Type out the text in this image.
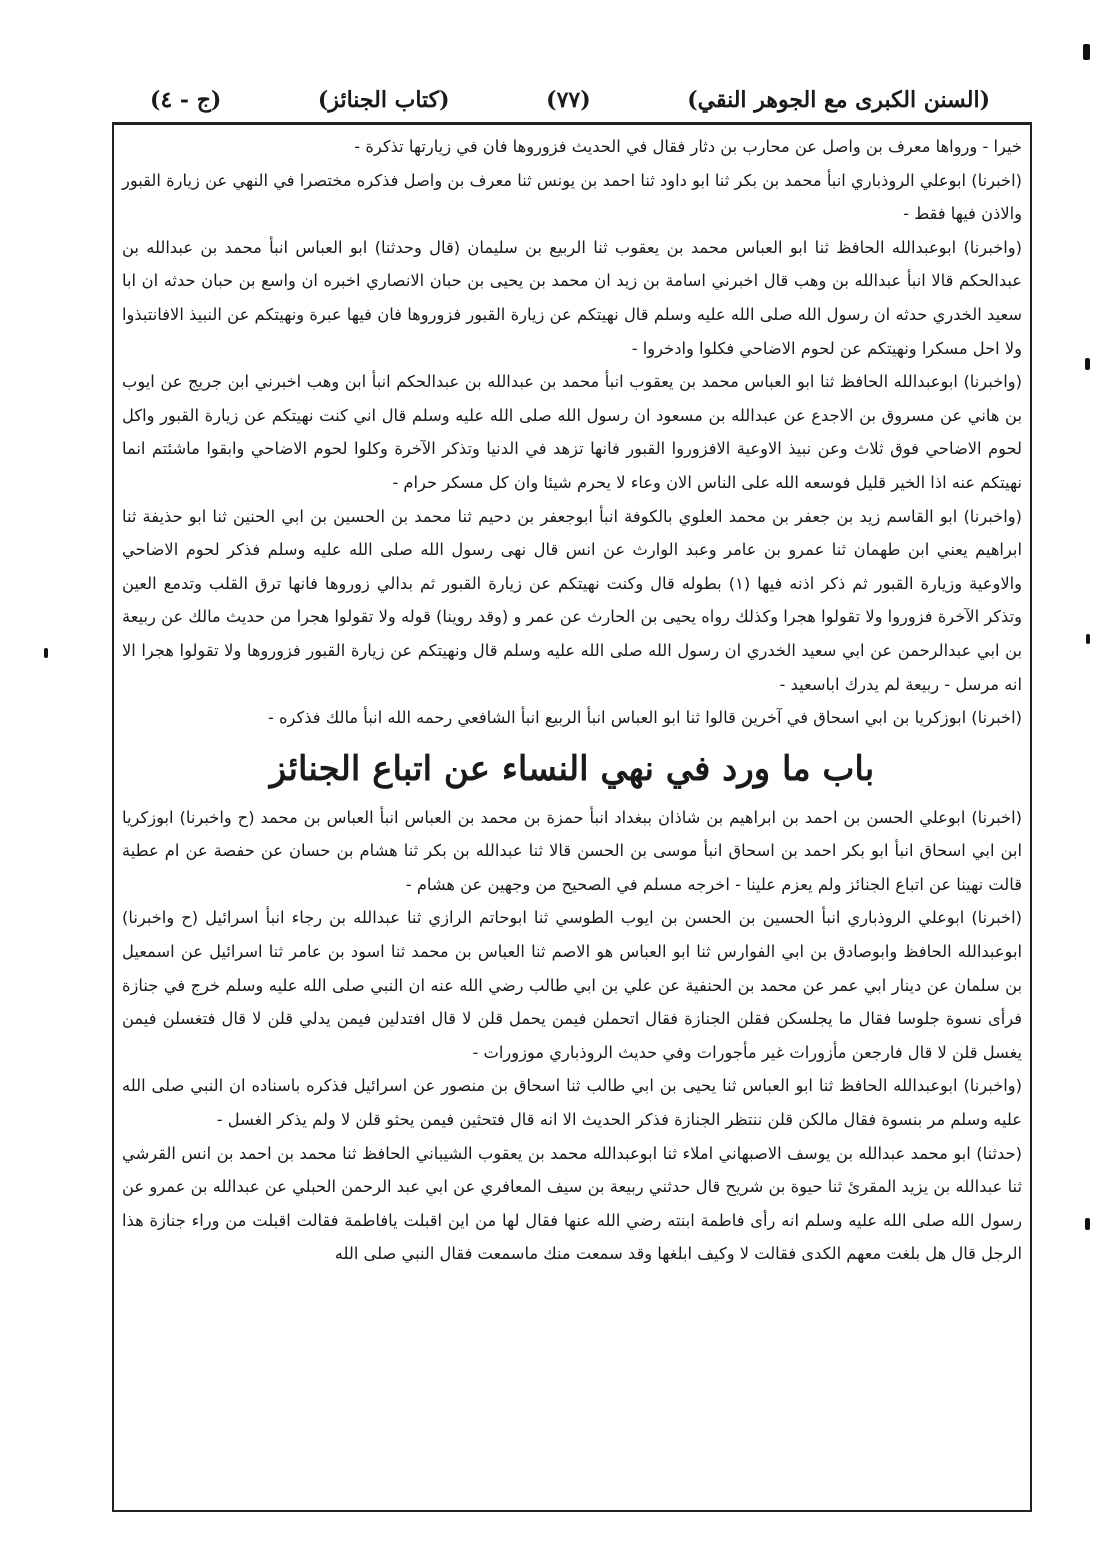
(السنن الكبرى مع الجوهر النقي)
(٧٧)
(كتاب الجنائز)
(ج - ٤)

خيرا - ورواها معرف بن واصل عن محارب بن دثار فقال في الحديث فزوروها فان في زيارتها تذكرة -

(اخبرنا) ابوعلي الروذباري انبأ محمد بن بكر ثنا ابو داود ثنا احمد بن يونس ثنا معرف بن واصل فذكره مختصرا في النهي عن زيارة القبور والاذن فيها فقط -

(واخبرنا) ابوعبدالله الحافظ ثنا ابو العباس محمد بن يعقوب ثنا الربيع بن سليمان (قال وحدثنا) ابو العباس انبأ محمد بن عبدالله بن عبدالحكم قالا انبأ عبدالله بن وهب قال اخبرني اسامة بن زيد ان محمد بن يحيى بن حبان الانصاري اخبره ان واسع بن حبان حدثه ان ابا سعيد الخدري حدثه ان رسول الله صلى الله عليه وسلم قال نهيتكم عن زيارة القبور فزوروها فان فيها عبرة ونهيتكم عن النبيذ الافانتبذوا ولا احل مسكرا ونهيتكم عن لحوم الاضاحي فكلوا وادخروا -

(واخبرنا) ابوعبدالله الحافظ ثنا ابو العباس محمد بن يعقوب انبأ محمد بن عبدالله بن عبدالحكم انبأ ابن وهب اخبرني ابن جريج عن ايوب بن هاني عن مسروق بن الاجدع عن عبدالله بن مسعود ان رسول الله صلى الله عليه وسلم قال اني كنت نهيتكم عن زيارة القبور واكل لحوم الاضاحي فوق ثلاث وعن نبيذ الاوعية الافزوروا القبور فانها تزهد في الدنيا وتذكر الآخرة وكلوا لحوم الاضاحي وابقوا ماشئتم انما نهيتكم عنه اذا الخير قليل فوسعه الله على الناس الان وعاء لا يحرم شيئا وان كل مسكر حرام -

(واخبرنا) ابو القاسم زيد بن جعفر بن محمد العلوي بالكوفة انبأ ابوجعفر بن دحيم ثنا محمد بن الحسين بن ابي الحنين ثنا ابو حذيفة ثنا ابراهيم يعني ابن طهمان ثنا عمرو بن عامر وعبد الوارث عن انس قال نهى رسول الله صلى الله عليه وسلم فذكر لحوم الاضاحي والاوعية وزيارة القبور ثم ذكر اذنه فيها (١) بطوله قال وكنت نهيتكم عن زيارة القبور ثم بدالي زوروها فانها ترق القلب وتدمع العين وتذكر الآخرة فزوروا ولا تقولوا هجرا وكذلك رواه يحيى بن الحارث عن عمر و (وقد روينا) قوله ولا تقولوا هجرا من حديث مالك عن ربيعة بن ابي عبدالرحمن عن ابي سعيد الخدري ان رسول الله صلى الله عليه وسلم قال ونهيتكم عن زيارة القبور فزوروها ولا تقولوا هجرا الا انه مرسل - ربيعة لم يدرك اباسعيد -

(اخبرنا) ابوزكريا بن ابي اسحاق في آخرين قالوا ثنا ابو العباس انبأ الربيع انبأ الشافعي رحمه الله انبأ مالك فذكره -

باب ما ورد في نهي النساء عن اتباع الجنائز

(اخبرنا) ابوعلي الحسن بن احمد بن ابراهيم بن شاذان ببغداد انبأ حمزة بن محمد بن العباس انبأ العباس بن محمد (ح واخبرنا) ابوزكريا ابن ابي اسحاق انبأ ابو بكر احمد بن اسحاق انبأ موسى بن الحسن قالا ثنا عبدالله بن بكر ثنا هشام بن حسان عن حفصة عن ام عطية قالت نهينا عن اتباع الجنائز ولم يعزم علينا - اخرجه مسلم في الصحيح من وجهين عن هشام -

(اخبرنا) ابوعلي الروذباري انبأ الحسين بن الحسن بن ايوب الطوسي ثنا ابوحاتم الرازي ثنا عبدالله بن رجاء انبأ اسرائيل (ح واخبرنا) ابوعبدالله الحافظ وابوصادق بن ابي الفوارس ثنا ابو العباس هو الاصم ثنا العباس بن محمد ثنا اسود بن عامر ثنا اسرائيل عن اسمعيل بن سلمان عن دينار ابي عمر عن محمد بن الحنفية عن علي بن ابي طالب رضي الله عنه ان النبي صلى الله عليه وسلم خرج في جنازة فرأى نسوة جلوسا فقال ما يجلسكن فقلن الجنازة فقال اتحملن فيمن يحمل قلن لا قال افتدلين فيمن يدلي قلن لا قال فتغسلن فيمن يغسل قلن لا قال فارجعن مأزورات غير مأجورات وفي حديث الروذباري موزورات -

(واخبرنا) ابوعبدالله الحافظ ثنا ابو العباس ثنا يحيى بن ابي طالب ثنا اسحاق بن منصور عن اسرائيل فذكره باسناده ان النبي صلى الله عليه وسلم مر بنسوة فقال مالكن قلن ننتظر الجنازة فذكر الحديث الا انه قال فتحثين فيمن يحثو قلن لا ولم يذكر الغسل -

(حدثنا) ابو محمد عبدالله بن يوسف الاصبهاني املاء ثنا ابوعبدالله محمد بن يعقوب الشيباني الحافظ ثنا محمد بن احمد بن انس القرشي ثنا عبدالله بن يزيد المقرئ ثنا حيوة بن شريح قال حدثني ربيعة بن سيف المعافري عن ابي عبد الرحمن الحبلي عن عبدالله بن عمرو عن رسول الله صلى الله عليه وسلم انه رأى فاطمة ابنته رضي الله عنها فقال لها من اين اقبلت يافاطمة فقالت اقبلت من وراء جنازة هذا الرجل قال هل بلغت معهم الكدى فقالت لا وكيف ابلغها وقد سمعت منك ماسمعت فقال النبي صلى الله
